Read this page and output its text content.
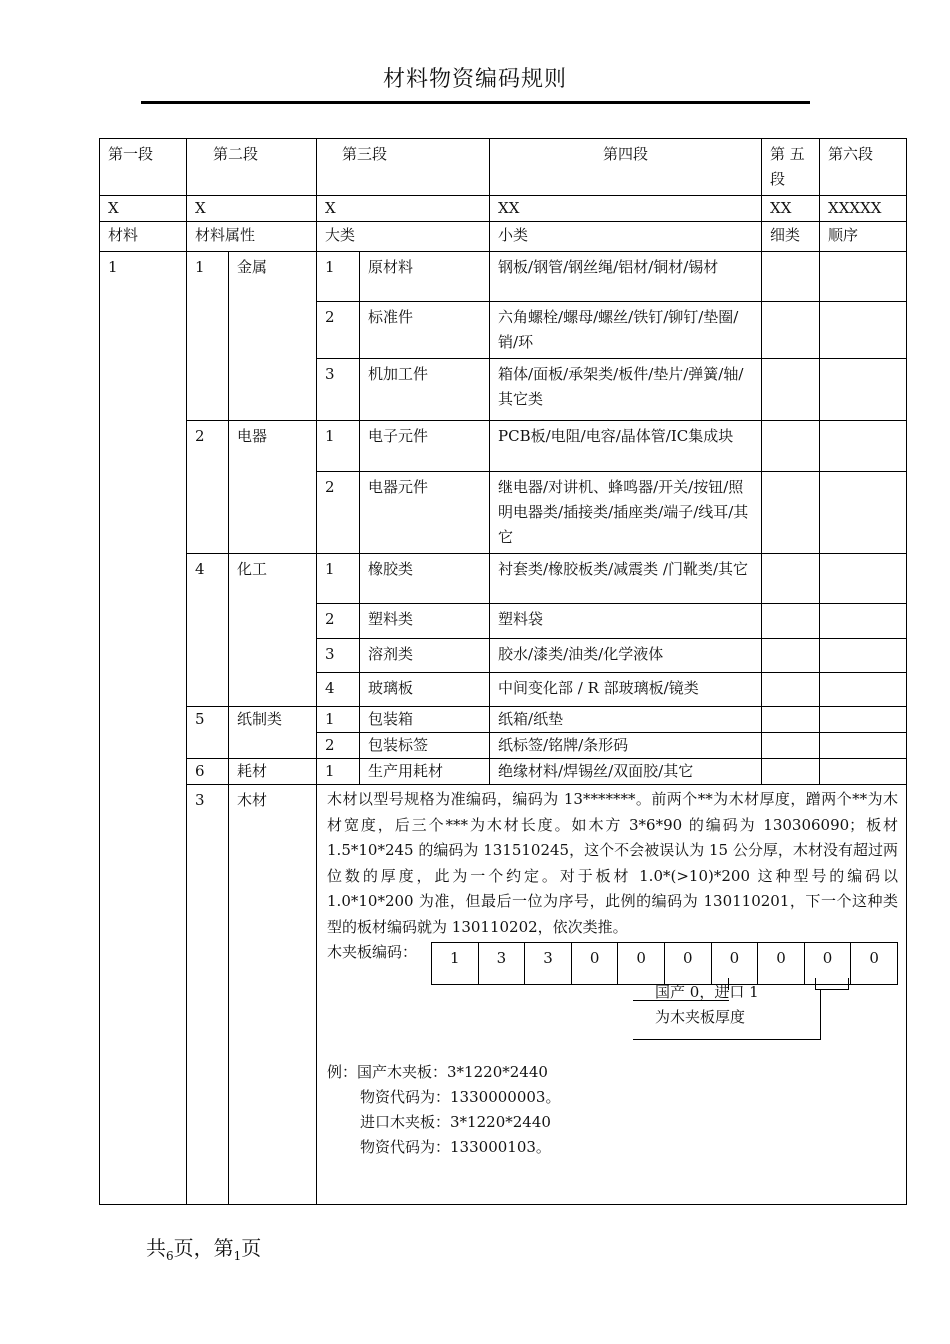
材料物资编码规则
第一段	第二段	第三段	第四段	第 五 段	第六段
X	X	X	XX	XX	XXXXX
材料	材料属性	大类	小类	细类	顺序
1	1	金属	1	原材料	钢板/钢管/钢丝绳/铝材/铜材/锡材		
2	标准件	六角螺栓/螺母/螺丝/铁钉/铆钉/垫圈/销/环		
3	机加工件	箱体/面板/承架类/板件/垫片/弹簧/轴/其它类		
2	电器	1	电子元件	PCB板/电阻/电容/晶体管/IC集成块		
2	电器元件	继电器/对讲机、蜂鸣器/开关/按钮/照明电器类/插接类/插座类/端子/线耳/其它		
4	化工	1	橡胶类	衬套类/橡胶板类/减震类 /门靴类/其它		
2	塑料类	塑料袋		
3	溶剂类	胶水/漆类/油类/化学液体		
4	玻璃板	中间变化部 / R 部玻璃板/镜类		
5	纸制类	1	包装箱	纸箱/纸垫		
2	包装标签	纸标签/铭牌/条形码		
6	耗材	1	生产用耗材	绝缘材料/焊锡丝/双面胶/其它		
3	木材	木材以型号规格为准编码，编码为 13*******。前两个**为木材厚度，蹭两个**为木材宽度，后三个***为木材长度。如木方 3*6*90 的编码为 130306090；板材 1.5*10*245 的编码为 131510245，这个不会被误认为 15 公分厚，木材没有超过两位数的厚度，此为一个约定。对于板材 1.0*(>10)*200 这种型号的编码以 1.0*10*200 为准，但最后一位为序号，此例的编码为 130110201，下一个这种类型的板材编码就为 130110202，依次类推。
木夹板编码： 1	3	3	0	0	0	0	0	0	0
国产 0，进口 1
为木夹板厚度
例：国产木夹板：3*1220*2440
物资代码为：1330000003。
进口木夹板：3*1220*2440
物资代码为：133000103。
共$_6$页，第$_1$页
